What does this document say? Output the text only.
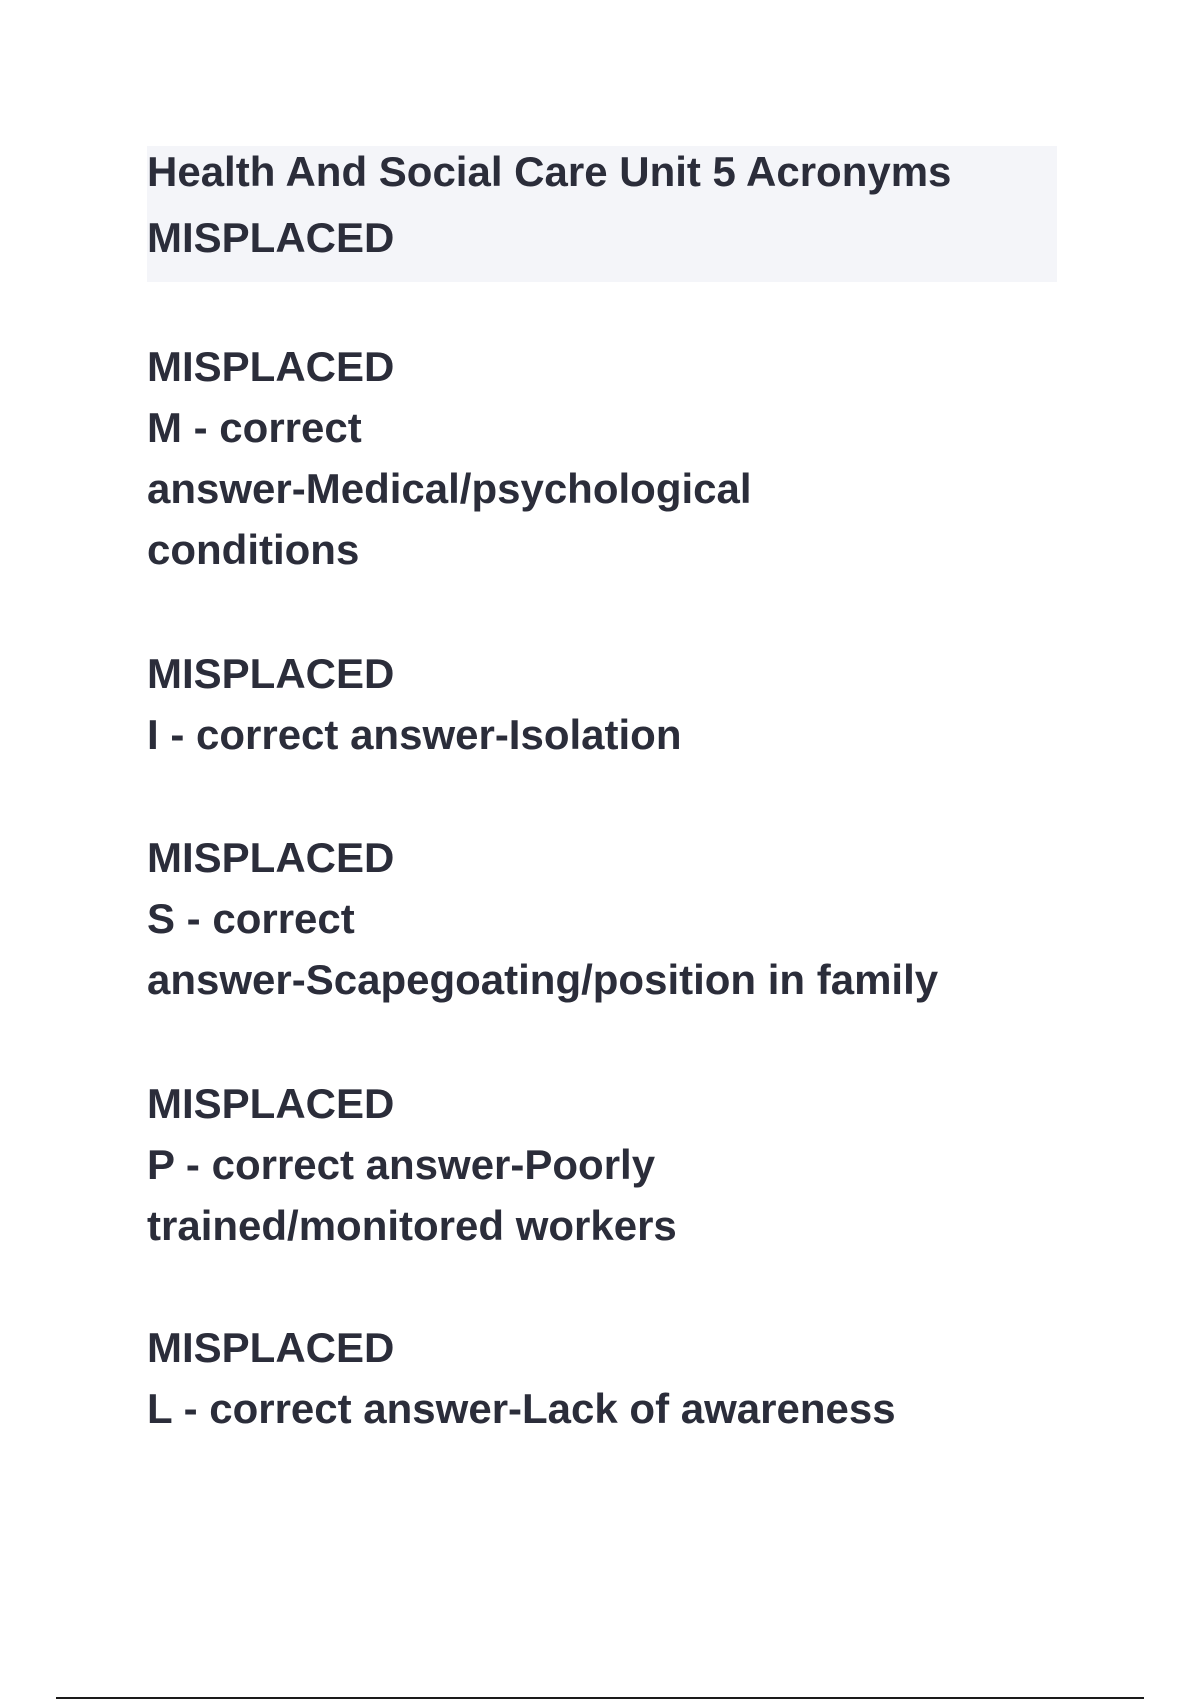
Health And Social Care Unit 5 Acronyms
MISPLACED
MISPLACED
M - correct
answer-Medical/psychological
conditions
MISPLACED
I - correct answer-Isolation
MISPLACED
S - correct
answer-Scapegoating/position in family
MISPLACED
P - correct answer-Poorly
trained/monitored workers
MISPLACED
L - correct answer-Lack of awareness
